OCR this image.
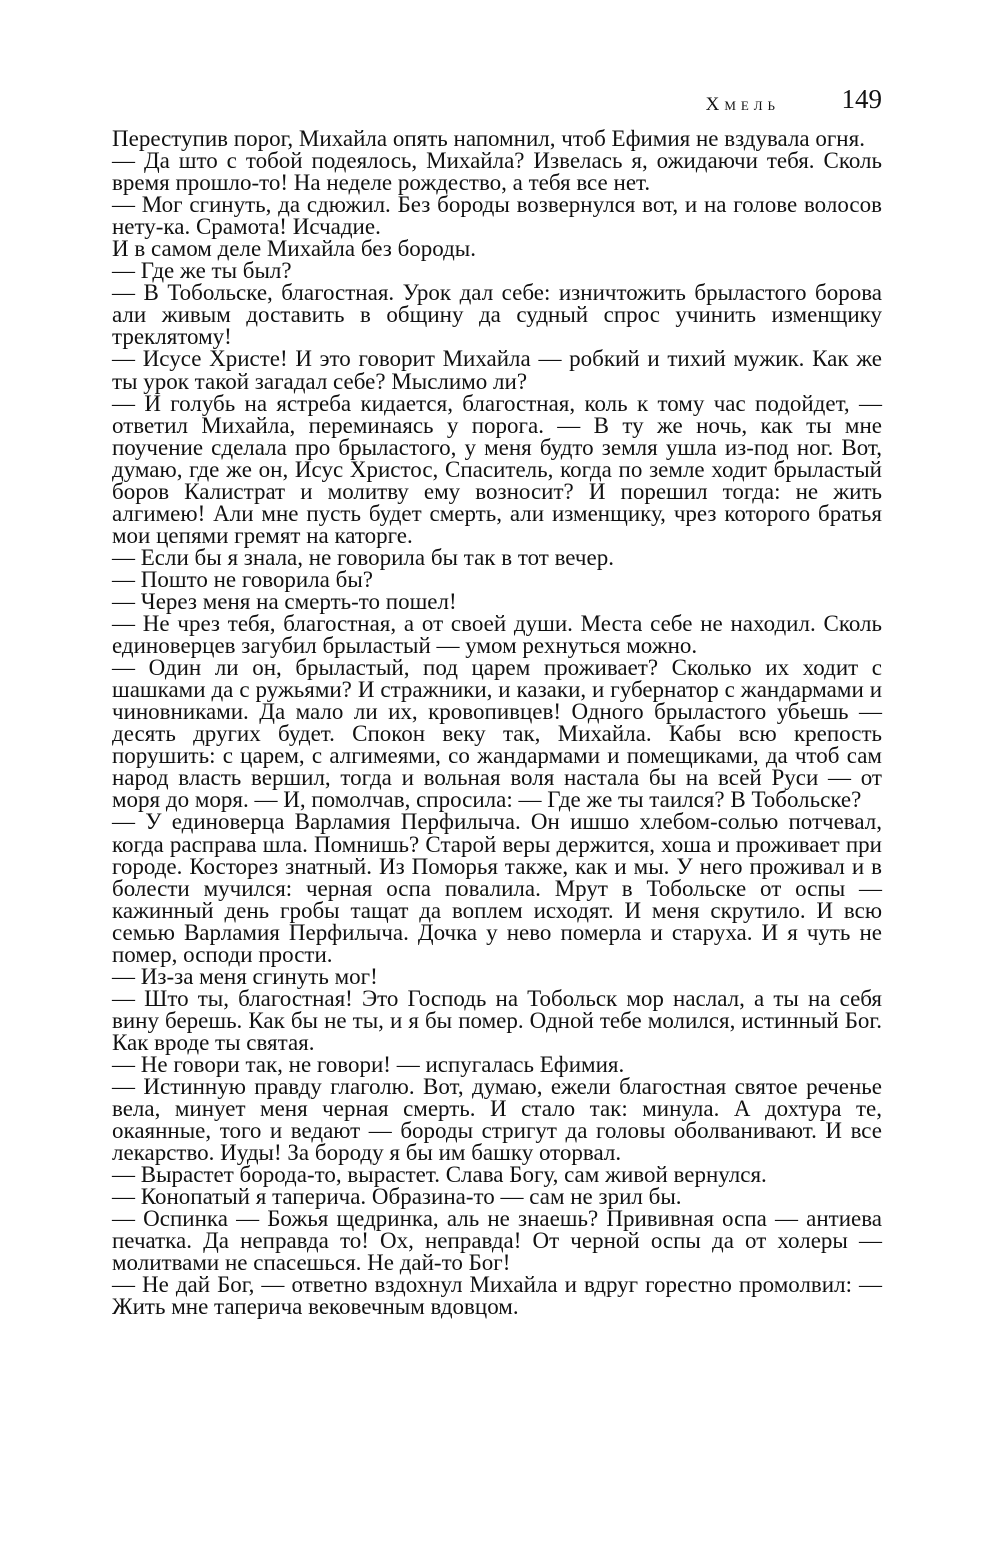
Хмель 149

Переступив порог, Михайла опять напомнил, чтоб Ефимия не вздувала огня.

— Да што с тобой подеялось, Михайла? Извелась я, ожидаючи тебя. Сколь время прошло-то! На неделе рождество, а тебя все нет.

— Мог сгинуть, да сдюжил. Без бороды возвернулся вот, и на голове волосов нету-ка. Срамота! Исчадие.

И в самом деле Михайла без бороды.

— Где же ты был?

— В Тобольске, благостная. Урок дал себе: изничтожить брыластого борова али живым доставить в общину да судный спрос учинить изменщику треклятому!

— Исусе Христе! И это говорит Михайла — робкий и тихий мужик. Как же ты урок такой загадал себе? Мыслимо ли?

— И голубь на ястреба кидается, благостная, коль к тому час подойдет, — ответил Михайла, переминаясь у порога. — В ту же ночь, как ты мне поучение сделала про брыластого, у меня будто земля ушла из-под ног. Вот, думаю, где же он, Исус Христос, Спаситель, когда по земле ходит брыластый боров Калистрат и молитву ему возносит? И порешил тогда: не жить алгимею! Али мне пусть будет смерть, али изменщику, чрез которого братья мои цепями гремят на каторге.

— Если бы я знала, не говорила бы так в тот вечер.

— Пошто не говорила бы?

— Через меня на смерть-то пошел!

— Не чрез тебя, благостная, а от своей души. Места себе не находил. Сколь единоверцев загубил брыластый — умом рехнуться можно.

— Один ли он, брыластый, под царем проживает? Сколько их ходит с шашками да с ружьями? И стражники, и казаки, и губернатор с жандармами и чиновниками. Да мало ли их, кровопивцев! Одного брыластого убьешь — десять других будет. Спокон веку так, Михайла. Кабы всю крепость порушить: с царем, с алгимеями, со жандармами и помещиками, да чтоб сам народ власть вершил, тогда и вольная воля настала бы на всей Руси — от моря до моря. — И, помолчав, спросила: — Где же ты таился? В Тобольске?

— У единоверца Варламия Перфилыча. Он ишшо хлебом-солью потчевал, когда расправа шла. Помнишь? Старой веры держится, хоша и проживает при городе. Косторез знатный. Из Поморья также, как и мы. У него проживал и в болести мучился: черная оспа повалила. Мрут в Тобольске от оспы — кажинный день гробы тащат да воплем исходят. И меня скрутило. И всю семью Варламия Перфилыча. Дочка у нево померла и старуха. И я чуть не помер, осподи прости.

— Из-за меня сгинуть мог!

— Што ты, благостная! Это Господь на Тобольск мор наслал, а ты на себя вину берешь. Как бы не ты, и я бы помер. Одной тебе молился, истинный Бог. Как вроде ты святая.

— Не говори так, не говори! — испугалась Ефимия.

— Истинную правду глаголю. Вот, думаю, ежели благостная святое реченье вела, минует меня черная смерть. И стало так: минула. А дохтура те, окаянные, того и ведают — бороды стригут да головы оболванивают. И все лекарство. Иуды! За бороду я бы им башку оторвал.

— Вырастет борода-то, вырастет. Слава Богу, сам живой вернулся.

— Конопатый я таперича. Образина-то — сам не зрил бы.

— Оспинка — Божья щедринка, аль не знаешь? Прививная оспа — антиева печатка. Да неправда то! Ох, неправда! От черной оспы да от холеры — молитвами не спасешься. Не дай-то Бог!

— Не дай Бог, — ответно вздохнул Михайла и вдруг горестно промолвил: — Жить мне таперича вековечным вдовцом.
